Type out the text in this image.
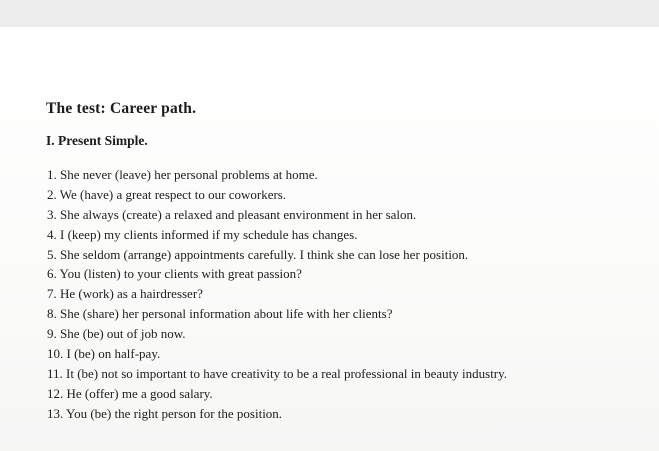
The test: Career path.
I. Present Simple.
1. She never (leave) her personal problems at home.
2. We (have) a great respect to our coworkers.
3. She always (create) a relaxed and pleasant environment in her salon.
4. I (keep) my clients informed if my schedule has changes.
5. She seldom (arrange) appointments carefully. I think she can lose her position.
6. You (listen) to your clients with great passion?
7. He (work) as a hairdresser?
8. She (share) her personal information about life with her clients?
9. She (be) out of job now.
10. I (be) on half-pay.
11. It (be) not so important to have creativity to be a real professional in beauty industry.
12. He (offer) me a good salary.
13. You (be) the right person for the position.
